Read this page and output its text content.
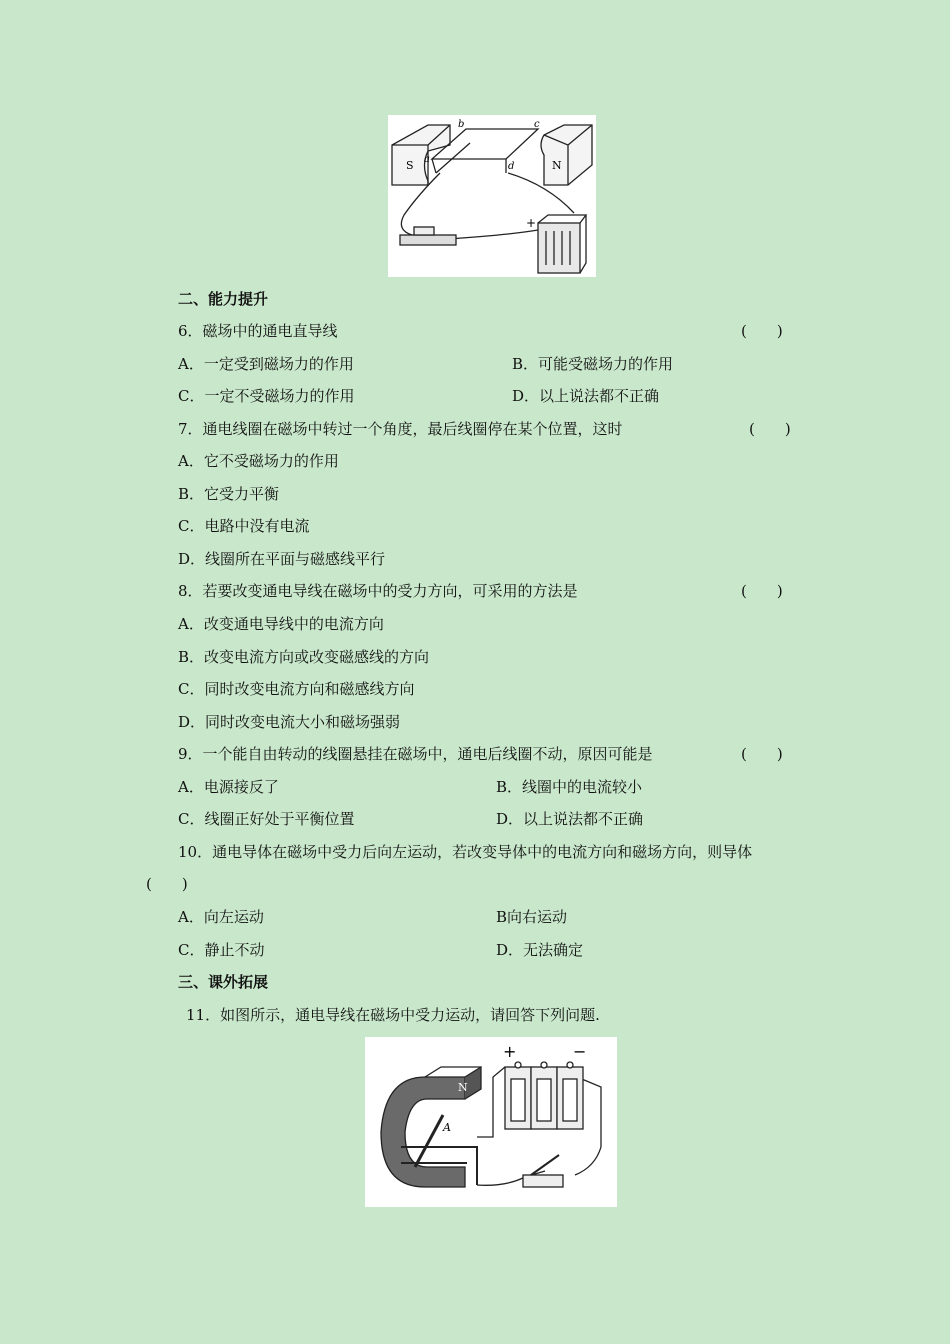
S	N
a
b	c
d
+
二、能力提升
6．磁场中的通电直导线	(　　)
A．一定受到磁场力的作用	B．可能受磁场力的作用
C．一定不受磁场力的作用	D．以上说法都不正确
7．通电线圈在磁场中转过一个角度，最后线圈停在某个位置，这时	(　　)
A．它不受磁场力的作用
B．它受力平衡
C．电路中没有电流
D．线圈所在平面与磁感线平行
8．若要改变通电导线在磁场中的受力方向，可采用的方法是	(　　)
A．改变通电导线中的电流方向
B．改变电流方向或改变磁感线的方向
C．同时改变电流方向和磁感线方向
D．同时改变电流大小和磁场强弱
9．一个能自由转动的线圈悬挂在磁场中，通电后线圈不动，原因可能是	(　　)
A．电源接反了	B．线圈中的电流较小
C．线圈正好处于平衡位置	D．以上说法都不正确
10．通电导体在磁场中受力后向左运动，若改变导体中的电流方向和磁场方向，则导体
(　　)
A．向左运动	B向右运动
C．静止不动	D．无法确定
三、课外拓展
11．如图所示，通电导线在磁场中受力运动，请回答下列问题.
+	−
N
A
